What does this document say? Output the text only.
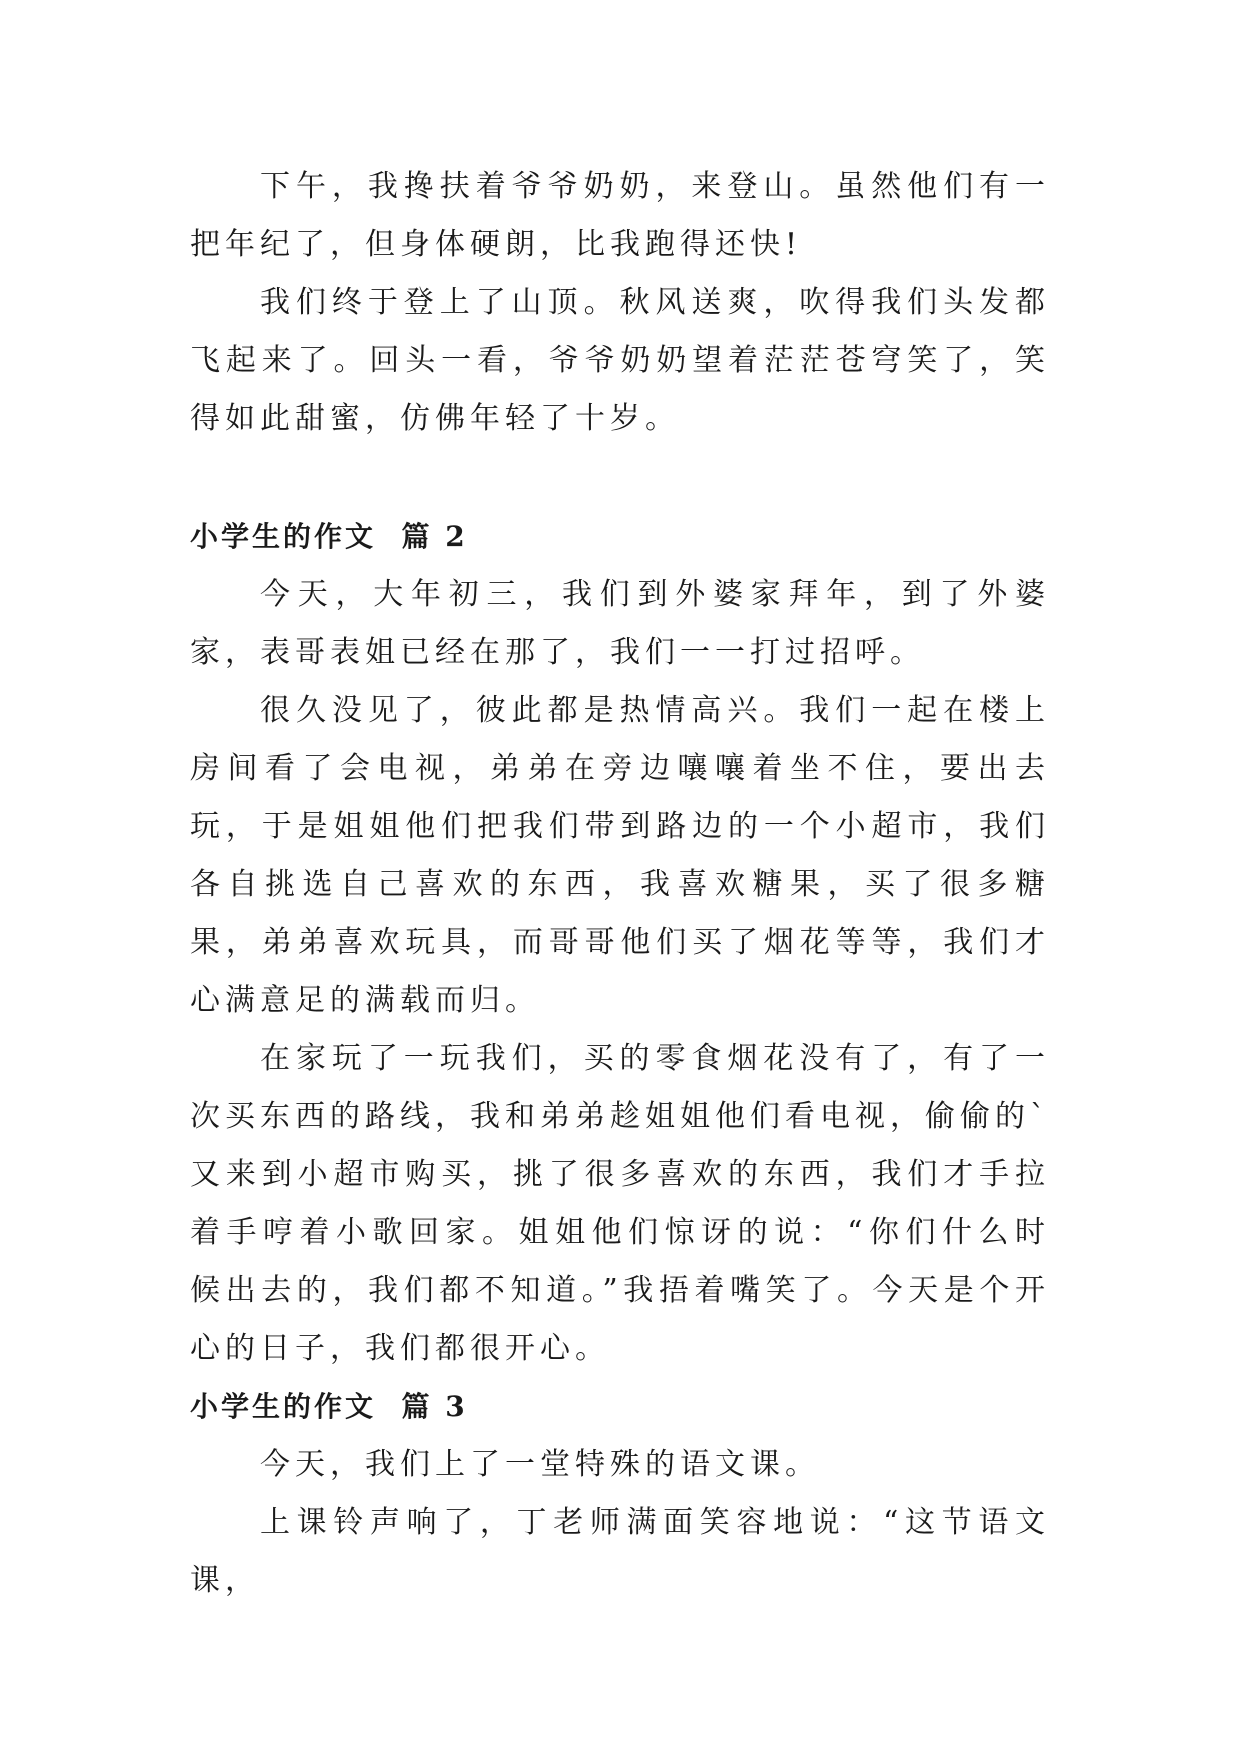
下午，我搀扶着爷爷奶奶，来登山。虽然他们有一把年纪了，但身体硬朗，比我跑得还快!

我们终于登上了山顶。秋风送爽，吹得我们头发都飞起来了。回头一看，爷爷奶奶望着茫茫苍穹笑了，笑得如此甜蜜，仿佛年轻了十岁。

小学生的作文  篇 2

今天，大年初三，我们到外婆家拜年，到了外婆家，表哥表姐已经在那了，我们一一打过招呼。

很久没见了，彼此都是热情高兴。我们一起在楼上房间看了会电视，弟弟在旁边嚷嚷着坐不住，要出去玩，于是姐姐他们把我们带到路边的一个小超市，我们各自挑选自己喜欢的东西，我喜欢糖果，买了很多糖果，弟弟喜欢玩具，而哥哥他们买了烟花等等，我们才心满意足的满载而归。

在家玩了一玩我们，买的零食烟花没有了，有了一次买东西的路线，我和弟弟趁姐姐他们看电视，偷偷的`又来到小超市购买，挑了很多喜欢的东西，我们才手拉着手哼着小歌回家。姐姐他们惊讶的说：“你们什么时候出去的，我们都不知道。”我捂着嘴笑了。今天是个开心的日子，我们都很开心。

小学生的作文  篇 3

今天，我们上了一堂特殊的语文课。

上课铃声响了，丁老师满面笑容地说：“这节语文课，
